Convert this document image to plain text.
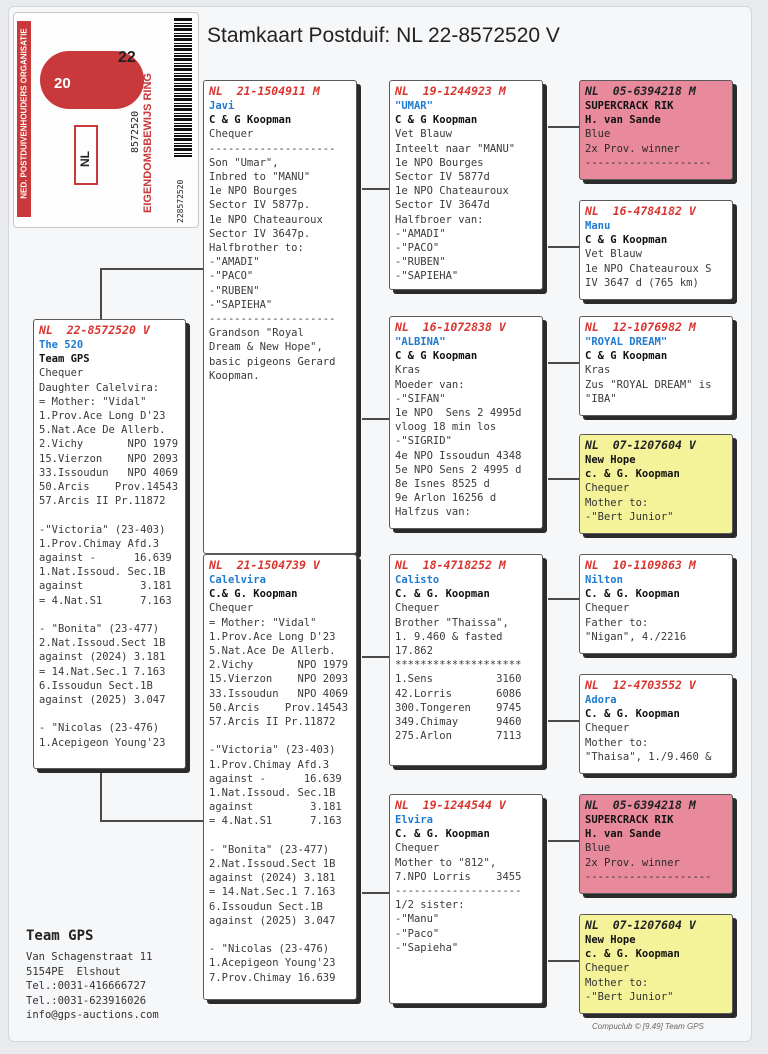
NED. POSTDUIVENHOUDERS ORGANISATIE 20
22
EIGENDOMSBEWIJS RING
NL
8572520
228572520
Stamkaart Postduif: NL 22-8572520 V
NL  22-8572520 V
The 520
Team GPS
Chequer
Daughter Calelvira:
= Mother: "Vidal"
1.Prov.Ace Long D'23
5.Nat.Ace De Allerb.
2.Vichy       NPO 1979
15.Vierzon    NPO 2093
33.Issoudun   NPO 4069
50.Arcis    Prov.14543
57.Arcis II Pr.11872
-"Victoria" (23-403)
1.Prov.Chimay Afd.3
against -      16.639
1.Nat.Issoud. Sec.1B
against         3.181
= 4.Nat.S1      7.163
- "Bonita" (23-477)
2.Nat.Issoud.Sect 1B
against (2024) 3.181
= 14.Nat.Sec.1 7.163
6.Issoudun Sect.1B
against (2025) 3.047
- "Nicolas (23-476)
1.Acepigeon Young'23
NL  21-1504911 M
Javi
C & G Koopman
Chequer
--------------------
Son "Umar",
Inbred to "MANU"
1e NPO Bourges
Sector IV 5877p.
1e NPO Chateauroux
Sector IV 3647p.
Halfbrother to:
-"AMADI"
-"PACO"
-"RUBEN"
-"SAPIEHA"
--------------------
Grandson "Royal
Dream & New Hope",
basic pigeons Gerard
Koopman.
NL  21-1504739 V
Calelvira
C.& G. Koopman
Chequer
= Mother: "Vidal"
1.Prov.Ace Long D'23
5.Nat.Ace De Allerb.
2.Vichy       NPO 1979
15.Vierzon    NPO 2093
33.Issoudun   NPO 4069
50.Arcis    Prov.14543
57.Arcis II Pr.11872
-"Victoria" (23-403)
1.Prov.Chimay Afd.3
against -      16.639
1.Nat.Issoud. Sec.1B
against         3.181
= 4.Nat.S1      7.163
- "Bonita" (23-477)
2.Nat.Issoud.Sect 1B
against (2024) 3.181
= 14.Nat.Sec.1 7.163
6.Issoudun Sect.1B
against (2025) 3.047
- "Nicolas (23-476)
1.Acepigeon Young'23
7.Prov.Chimay 16.639
NL  19-1244923 M
"UMAR"
C & G Koopman
Vet Blauw
Inteelt naar "MANU"
1e NPO Bourges
Sector IV 5877d
1e NPO Chateauroux
Sector IV 3647d
Halfbroer van:
-"AMADI"
-"PACO"
-"RUBEN"
-"SAPIEHA"
NL  16-1072838 V
"ALBINA"
C & G Koopman
Kras
Moeder van:
-"SIFAN"
1e NPO  Sens 2 4995d
vloog 18 min los
-"SIGRID"
4e NPO Issoudun 4348
5e NPO Sens 2 4995 d
8e Isnes 8525 d
9e Arlon 16256 d
Halfzus van:
NL  18-4718252 M
Calisto
C. & G. Koopman
Chequer
Brother "Thaissa",
1. 9.460 & fasted
17.862
********************
1.Sens          3160
42.Lorris       6086
300.Tongeren    9745
349.Chimay      9460
275.Arlon       7113
NL  19-1244544 V
Elvira
C. & G. Koopman
Chequer
Mother to "812",
7.NPO Lorris    3455
--------------------
1/2 sister:
-"Manu"
-"Paco"
-"Sapieha"
NL  05-6394218 M
SUPERCRACK RIK
H. van Sande
Blue
2x Prov. winner
--------------------
NL  16-4784182 V
Manu
C & G Koopman
Vet Blauw
1e NPO Chateauroux S
IV 3647 d (765 km)
NL  12-1076982 M
"ROYAL DREAM"
C & G Koopman
Kras
Zus "ROYAL DREAM" is
"IBA"
NL  07-1207604 V
New Hope
c. & G. Koopman
Chequer
Mother to:
-"Bert Junior"
NL  10-1109863 M
Nilton
C. & G. Koopman
Chequer
Father to:
"Nigan", 4./2216
NL  12-4703552 V
Adora
C. & G. Koopman
Chequer
Mother to:
"Thaisa", 1./9.460 &
NL  05-6394218 M
SUPERCRACK RIK
H. van Sande
Blue
2x Prov. winner
--------------------
NL  07-1207604 V
New Hope
c. & G. Koopman
Chequer
Mother to:
-"Bert Junior"
Team GPS
Van Schagenstraat 11
5154PE  Elshout
Tel.:0031-416666727
Tel.:0031-623916026
info@gps-auctions.com
Compuclub © [9.49] Team GPS
